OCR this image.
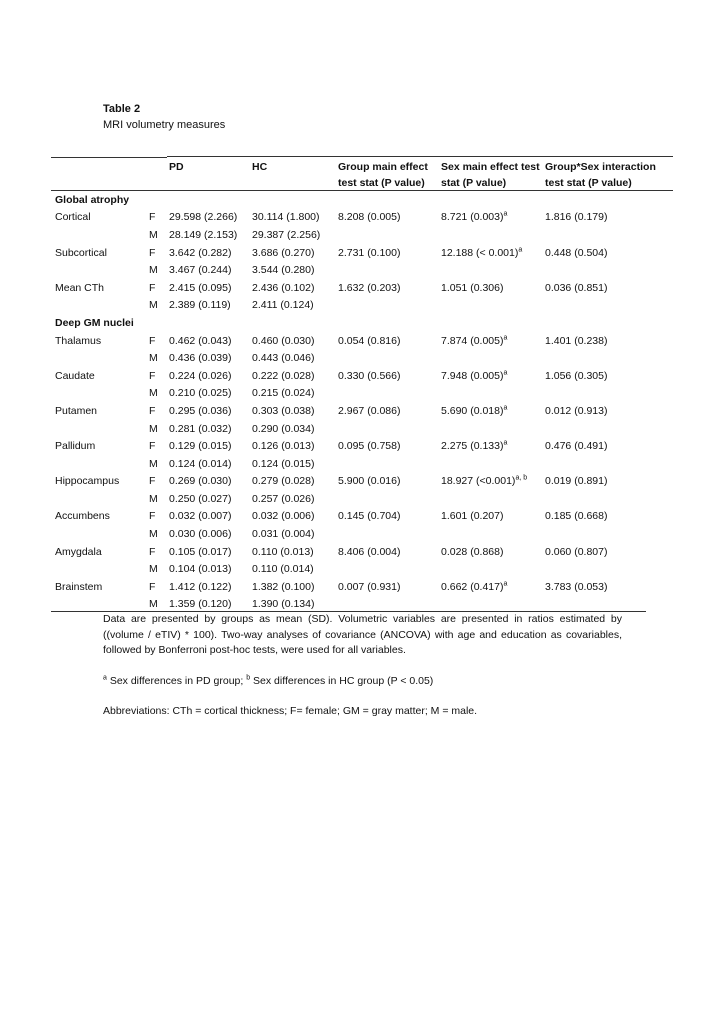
Table 2
MRI volumetry measures
		PD	HC	Group main effect test stat (P value)	Sex main effect test stat (P value)	Group*Sex interaction test stat (P value)
Global atrophy						
Cortical	F	29.598 (2.266)	30.114 (1.800)	8.208 (0.005)	8.721 $(0.003)^a$	1.816 (0.179)
	M	28.149 (2.153)	29.387 (2.256)			
Subcortical	F	3.642 (0.282)	3.686 (0.270)	2.731 (0.100)	12.188 (< 0.001)$^a$	0.448 (0.504)
	M	3.467 (0.244)	3.544 (0.280)			
Mean CTh	F	2.415 (0.095)	2.436 (0.102)	1.632 (0.203)	1.051 (0.306)	0.036 (0.851)
	M	2.389 (0.119)	2.411 (0.124)			
Deep GM nuclei						
Thalamus	F	0.462 (0.043)	0.460 (0.030)	0.054 (0.816)	7.874 $(0.005)^a$	1.401 (0.238)
	M	0.436 (0.039)	0.443 (0.046)			
Caudate	F	0.224 (0.026)	0.222 (0.028)	0.330 (0.566)	7.948 $(0.005)^a$	1.056 (0.305)
	M	0.210 (0.025)	0.215 (0.024)			
Putamen	F	0.295 (0.036)	0.303 (0.038)	2.967 (0.086)	5.690 $(0.018)^a$	0.012 (0.913)
	M	0.281 (0.032)	0.290 (0.034)			
Pallidum	F	0.129 (0.015)	0.126 (0.013)	0.095 (0.758)	2.275 $(0.133)^a$	0.476 (0.491)
	M	0.124 (0.014)	0.124 (0.015)			
Hippocampus	F	0.269 (0.030)	0.279 (0.028)	5.900 (0.016)	18.927 (<0.001)$^{a, b}$	0.019 (0.891)
	M	0.250 (0.027)	0.257 (0.026)			
Accumbens	F	0.032 (0.007)	0.032 (0.006)	0.145 (0.704)	1.601 (0.207)	0.185 (0.668)
	M	0.030 (0.006)	0.031 (0.004)			
Amygdala	F	0.105 (0.017)	0.110 (0.013)	8.406 (0.004)	0.028 (0.868)	0.060 (0.807)
	M	0.104 (0.013)	0.110 (0.014)			
Brainstem	F	1.412 (0.122)	1.382 (0.100)	0.007 (0.931)	0.662 $(0.417)^a$	3.783 (0.053)
	M	1.359 (0.120)	1.390 (0.134)			

Data are presented by groups as mean (SD). Volumetric variables are presented in ratios estimated by ((volume / eTIV) * 100). Two-way analyses of covariance (ANCOVA) with age and education as covariables, followed by Bonferroni post-hoc tests, were used for all variables.

$^a$ Sex differences in PD group; $^b$ Sex differences in HC group (P < 0.05)

Abbreviations: CTh = cortical thickness; F= female; GM = gray matter; M = male.
